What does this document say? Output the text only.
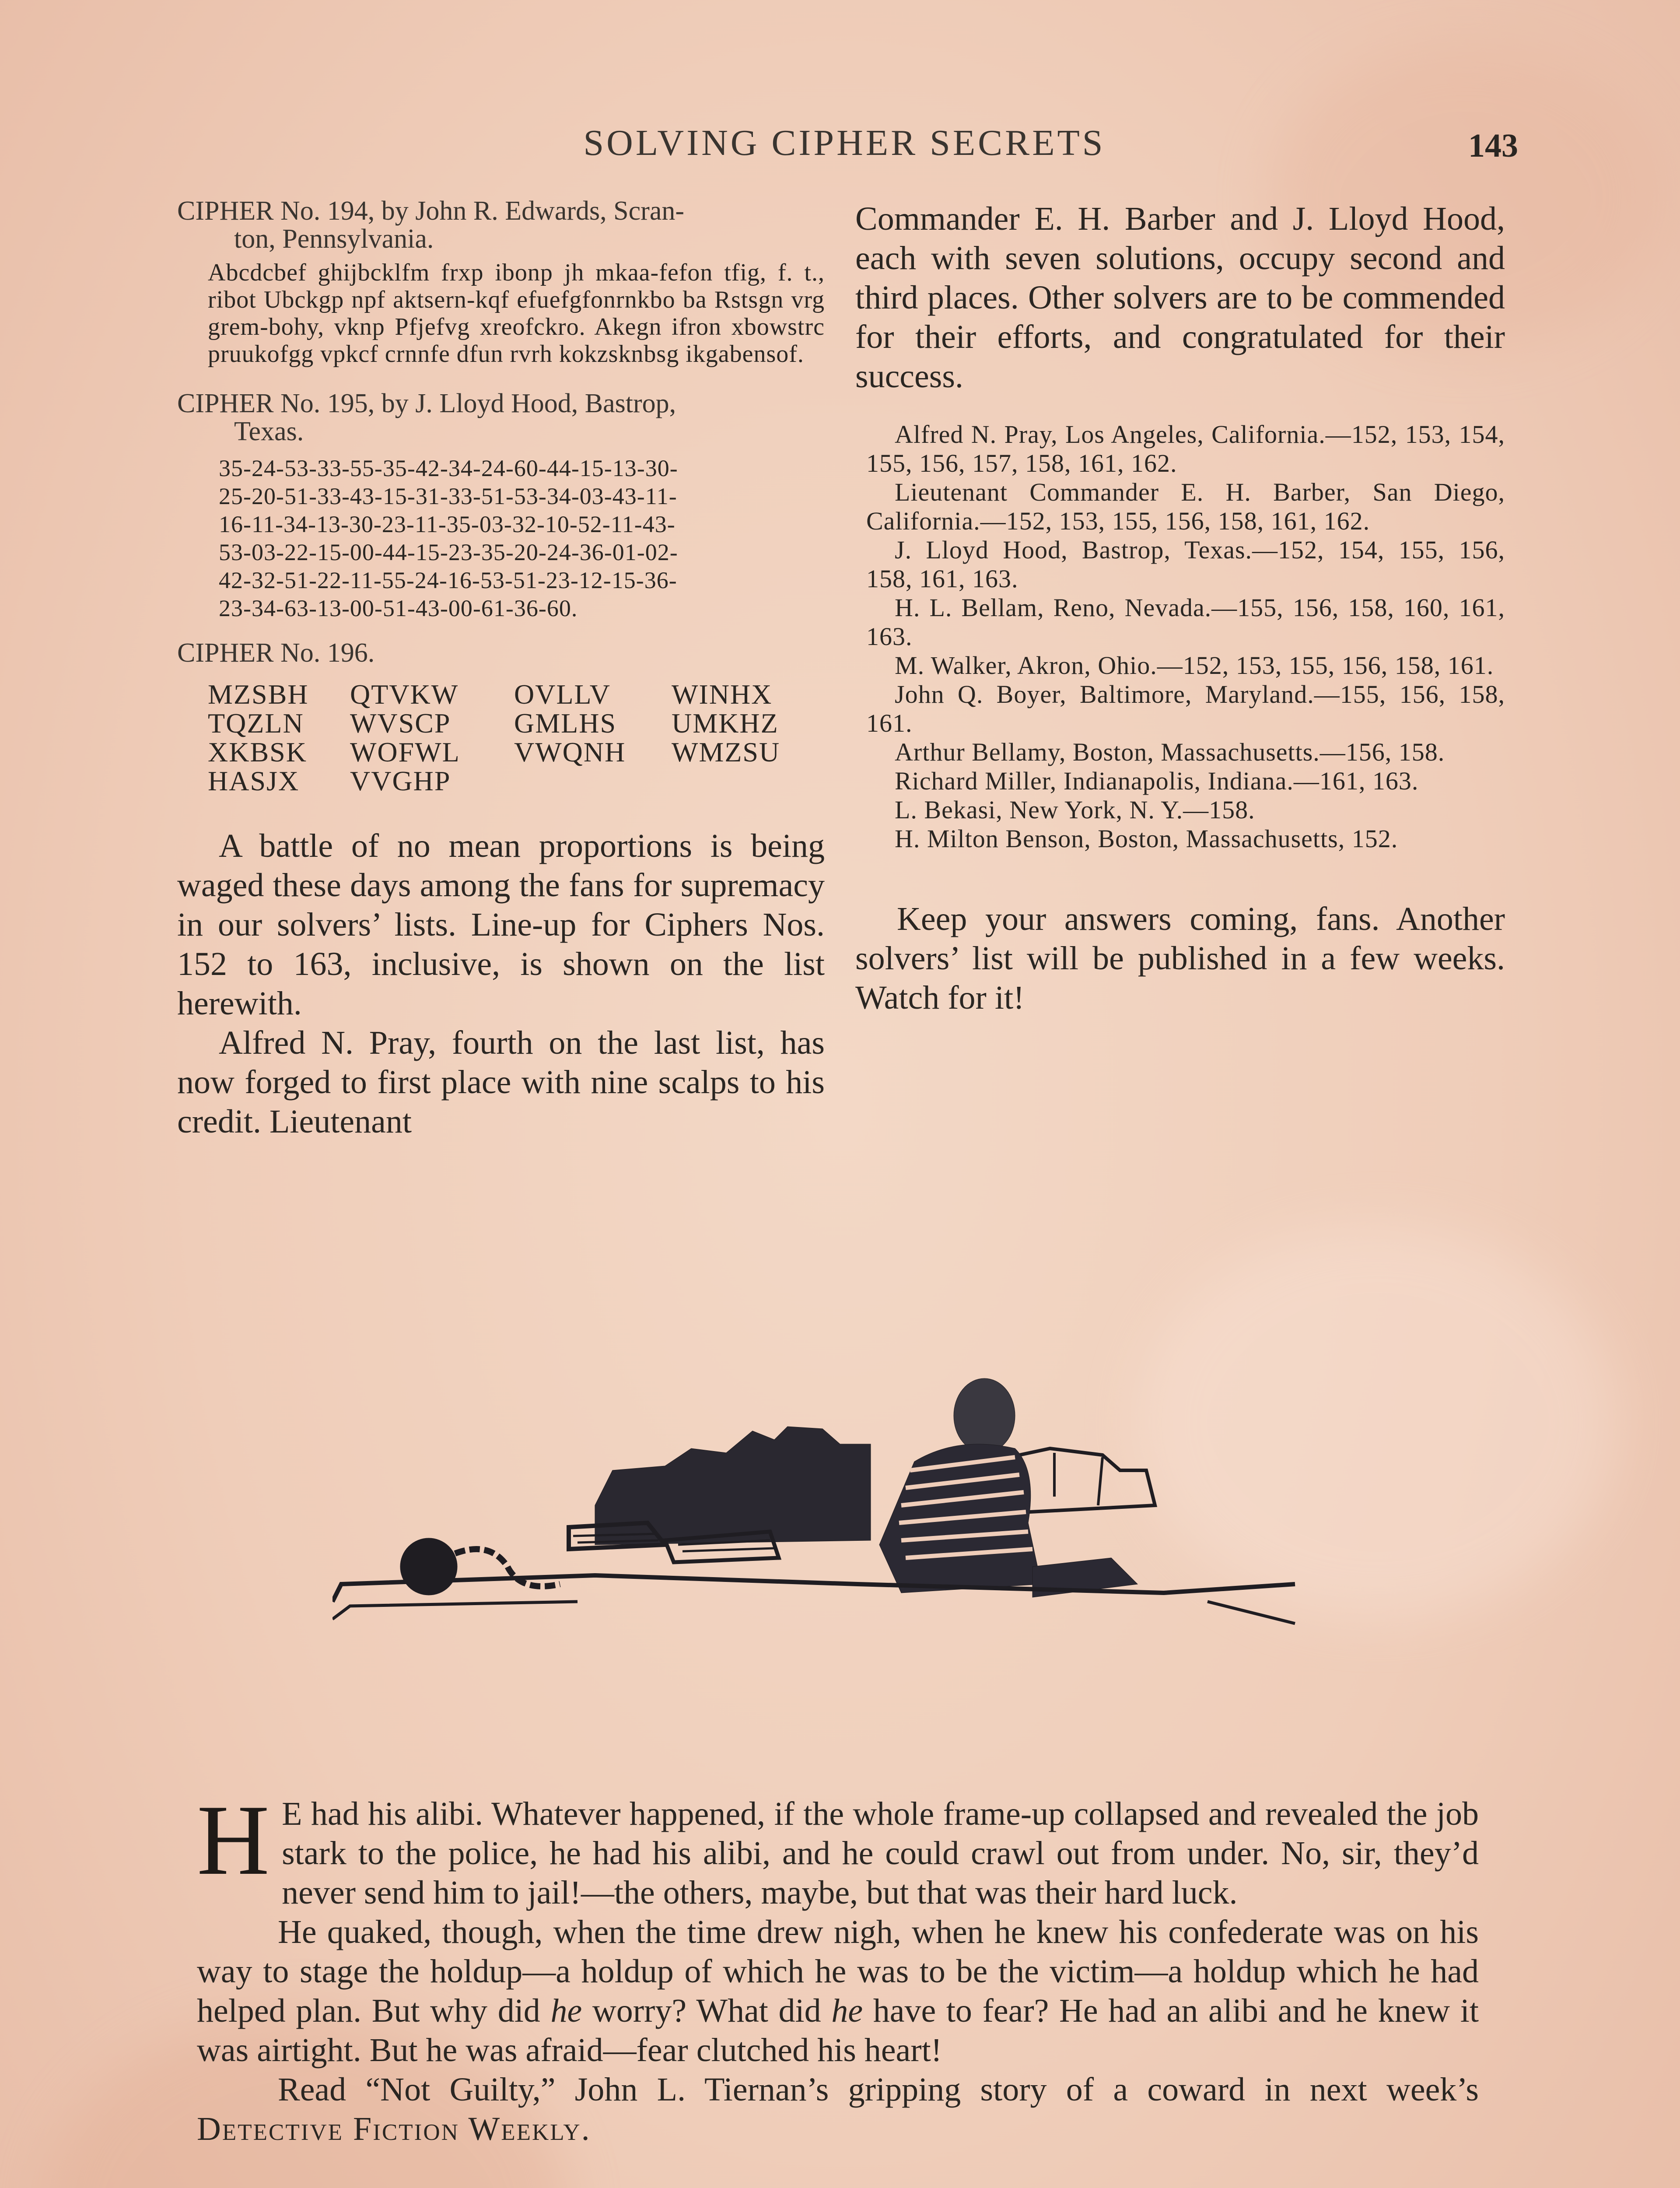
SOLVING CIPHER SECRETS	143

CIPHER No. 194, by John R. Edwards, Scran-
ton, Pennsylvania.

Abcdcbef ghijbcklfm frxp ibonp jh mkaa-fefon tfig, f. t., ribot Ubckgp npf aktsern-kqf efuefgfonrnkbo ba Rstsgn vrg grem-bohy, vknp Pfjefvg xreofckro. Akegn ifron xbowstrc pruukofgg vpkcf crnnfe dfun rvrh kokzsknbsg ikgabensof.

CIPHER No. 195, by J. Lloyd Hood, Bastrop,
Texas.

35-24-53-33-55-35-42-34-24-60-44-15-13-30-
25-20-51-33-43-15-31-33-51-53-34-03-43-11-
16-11-34-13-30-23-11-35-03-32-10-52-11-43-
53-03-22-15-00-44-15-23-35-20-24-36-01-02-
42-32-51-22-11-55-24-16-53-51-23-12-15-36-
23-34-63-13-00-51-43-00-61-36-60.

CIPHER No. 196.

MZSBH	QTVKW	OVLLV	WINHX
TQZLN	WVSCP	GMLHS	UMKHZ
XKBSK	WOFWL	VWQNH	WMZSU
HASJX	VVGHP

A battle of no mean proportions is being waged these days among the fans for supremacy in our solvers’ lists. Line-up for Ciphers Nos. 152 to 163, inclusive, is shown on the list herewith.

Alfred N. Pray, fourth on the last list, has now forged to first place with nine scalps to his credit. Lieutenant

Commander E. H. Barber and J. Lloyd Hood, each with seven solutions, occupy second and third places. Other solvers are to be commended for their efforts, and congratulated for their success.

Alfred N. Pray, Los Angeles, California.—152, 153, 154, 155, 156, 157, 158, 161, 162.

Lieutenant Commander E. H. Barber, San Diego, California.—152, 153, 155, 156, 158, 161, 162.

J. Lloyd Hood, Bastrop, Texas.—152, 154, 155, 156, 158, 161, 163.

H. L. Bellam, Reno, Nevada.—155, 156, 158, 160, 161, 163.

M. Walker, Akron, Ohio.—152, 153, 155, 156, 158, 161.

John Q. Boyer, Baltimore, Maryland.—155, 156, 158, 161.

Arthur Bellamy, Boston, Massachusetts.—156, 158.

Richard Miller, Indianapolis, Indiana.—161, 163.

L. Bekasi, New York, N. Y.—158.

H. Milton Benson, Boston, Massachusetts, 152.

Keep your answers coming, fans. Another solvers’ list will be published in a few weeks. Watch for it!

H E had his alibi. Whatever happened, if the whole frame-up collapsed and revealed the job stark to the police, he had his alibi, and he could crawl out from under. No, sir, they’d never send him to jail!—the others, maybe, but that was their hard luck.

He quaked, though, when the time drew nigh, when he knew his confederate was on his way to stage the holdup—a holdup of which he was to be the victim—a holdup which he had helped plan. But why did he worry? What did he have to fear? He had an alibi and he knew it was airtight. But he was afraid—fear clutched his heart!

Read “Not Guilty,” John L. Tiernan’s gripping story of a coward in next week’s Detective Fiction Weekly.
